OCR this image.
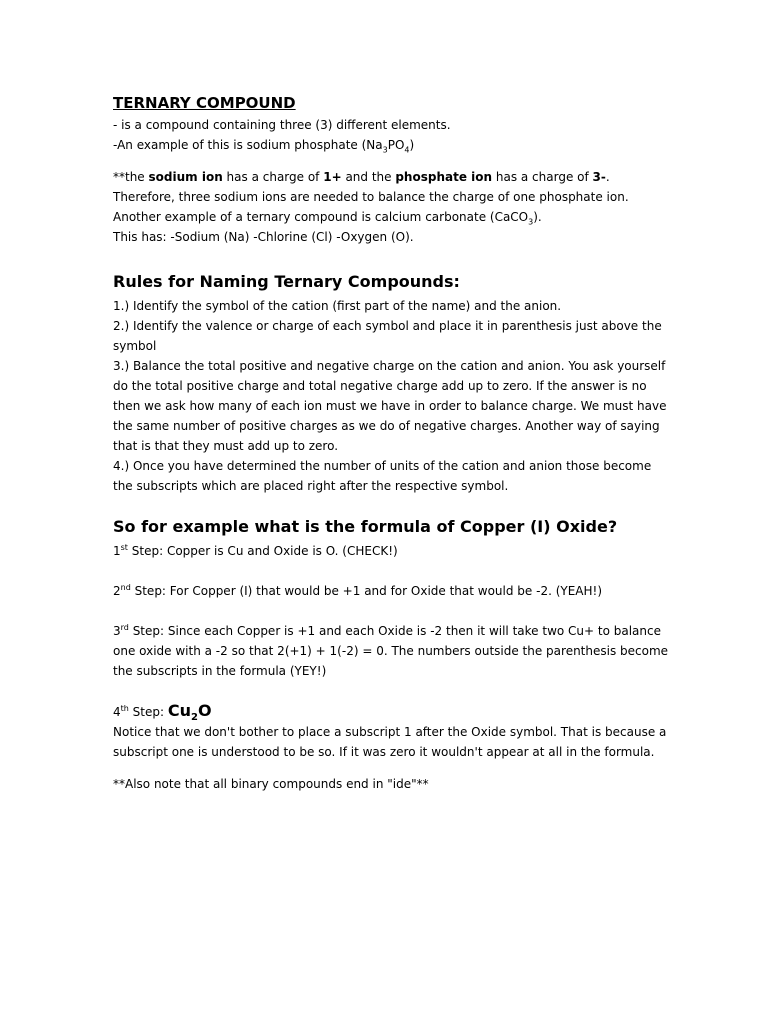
TERNARY COMPOUND

- is a compound containing three (3) different elements.

-An example of this is sodium phosphate $(Na_3PO_4)$

**the sodium ion has a charge of 1+ and the phosphate ion has a charge of 3-.

Therefore, three sodium ions are needed to balance the charge of one phosphate ion.

Another example of a ternary compound is calcium carbonate (CaCO$_3$).

This has: -Sodium (Na) -Chlorine (Cl) -Oxygen (O).

Rules for Naming Ternary Compounds:

1.) Identify the symbol of the cation (first part of the name) and the anion.

2.) Identify the valence or charge of each symbol and place it in parenthesis just above the symbol

3.) Balance the total positive and negative charge on the cation and anion. You ask yourself do the total positive charge and total negative charge add up to zero. If the answer is no then we ask how many of each ion must we have in order to balance charge. We must have the same number of positive charges as we do of negative charges. Another way of saying that is that they must add up to zero.

4.) Once you have determined the number of units of the cation and anion those become the subscripts which are placed right after the respective symbol.

So for example what is the formula of Copper (I) Oxide?

1st Step: Copper is Cu and Oxide is O. (CHECK!)

2nd Step: For Copper (I) that would be +1 and for Oxide that would be -2. (YEAH!)

3rd Step: Since each Copper is +1 and each Oxide is -2 then it will take two Cu+ to balance one oxide with a -2 so that 2(+1) + 1(-2) = 0. The numbers outside the parenthesis become the subscripts in the formula (YEY!)

4th Step: $Cu_2O$

Notice that we don't bother to place a subscript 1 after the Oxide symbol. That is because a subscript one is understood to be so. If it was zero it wouldn't appear at all in the formula.

**Also note that all binary compounds end in "ide"**
